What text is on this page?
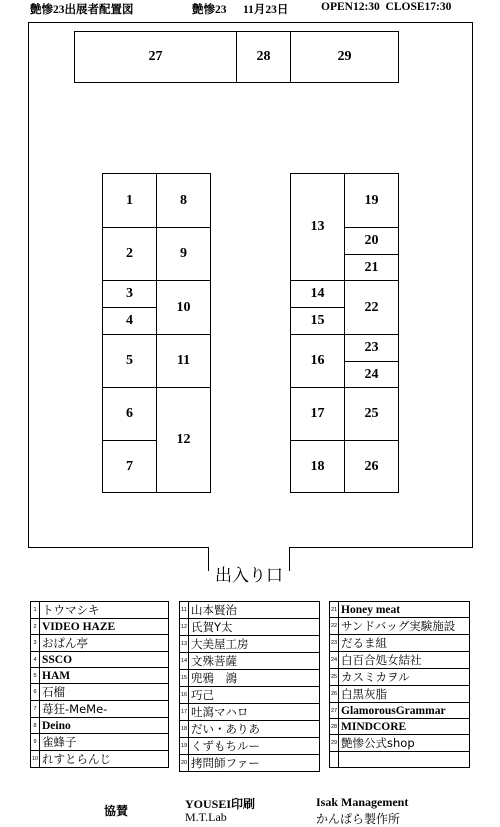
艶惨23出展者配置図	艶惨23 11月23日	OPEN12:30  CLOSE17:30
出入り口
27	28	29
1
2
3
4
5
6
7
8
9
10
11
12
13
14
15
16
17
18
19
20
21
22
23
24
25
26
1	トウマシキ
2	VIDEO HAZE
3	おぱん亭
4	SSCO
5	HAM
6	石榴
7	苺狂-MeMe-
8	Deino
9	雀蜂子
10	れすとらんじ
11	山本賢治
12	氏賀Y太
13	大美屋工房
14	文殊菩薩
15	兜鴉　鴻
16	巧己
17	吐瀉マハロ
18	だい・ありあ
19	くずもちルー
20	拷問師ファー
21	Honey meat
22	サンドバッグ実験施設
23	だるま組
24	白百合処女結社
25	カスミカヲル
26	白黒灰脂
27	GlamorousGrammar
28	MINDCORE
29	艶惨公式shop

協賛	YOUSEI印刷
M.T.Lab
Isak Management
かんぱら製作所
